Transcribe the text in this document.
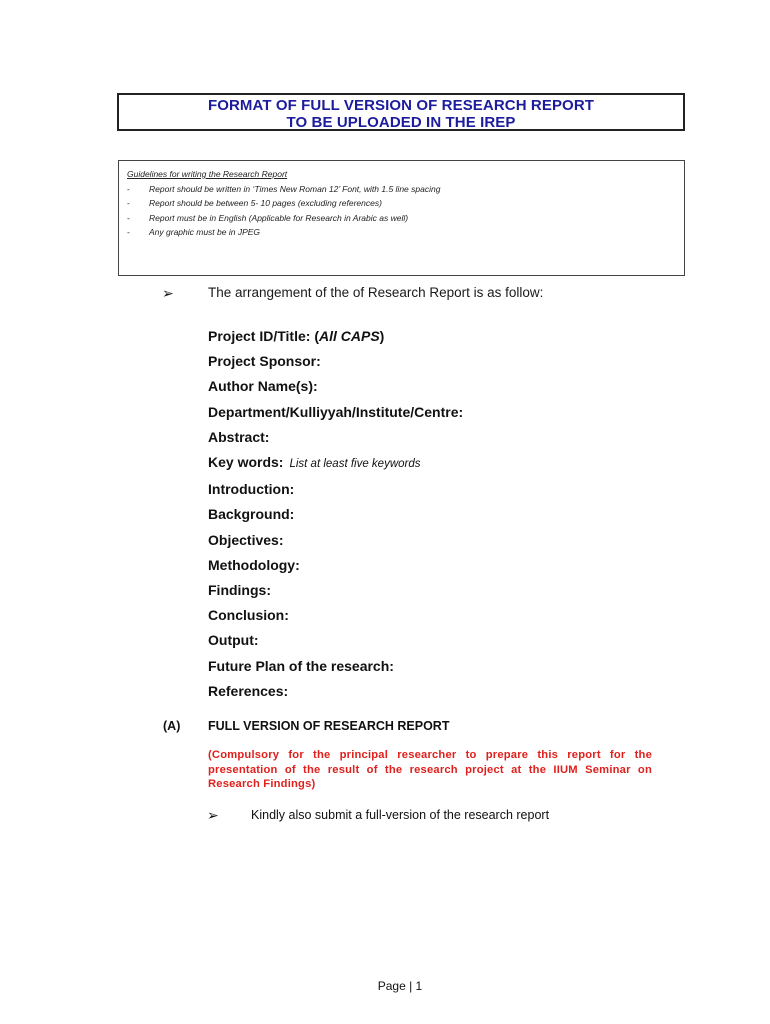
FORMAT OF FULL VERSION OF RESEARCH REPORT
TO BE UPLOADED IN THE IREP
Guidelines for writing the Research Report
-	Report should be written in ‘Times New Roman 12’ Font, with 1.5 line spacing
-	Report should be between 5- 10 pages (excluding references)
-	Report must be in English (Applicable for Research in Arabic as well)
-	Any graphic must be in JPEG
➢	The arrangement of the of Research Report is as follow:
Project ID/Title: (All CAPS)
Project Sponsor:
Author Name(s):
Department/Kulliyyah/Institute/Centre:
Abstract:
Key words: List at least five keywords
Introduction:
Background:
Objectives:
Methodology:
Findings:
Conclusion:
Output:
Future Plan of the research:
References:
(A) FULL VERSION OF RESEARCH REPORT
(Compulsory for the principal researcher to prepare this report for the presentation of the result of the research project at the IIUM Seminar on Research Findings)
➢	Kindly also submit a full-version of the research report
Page | 1
